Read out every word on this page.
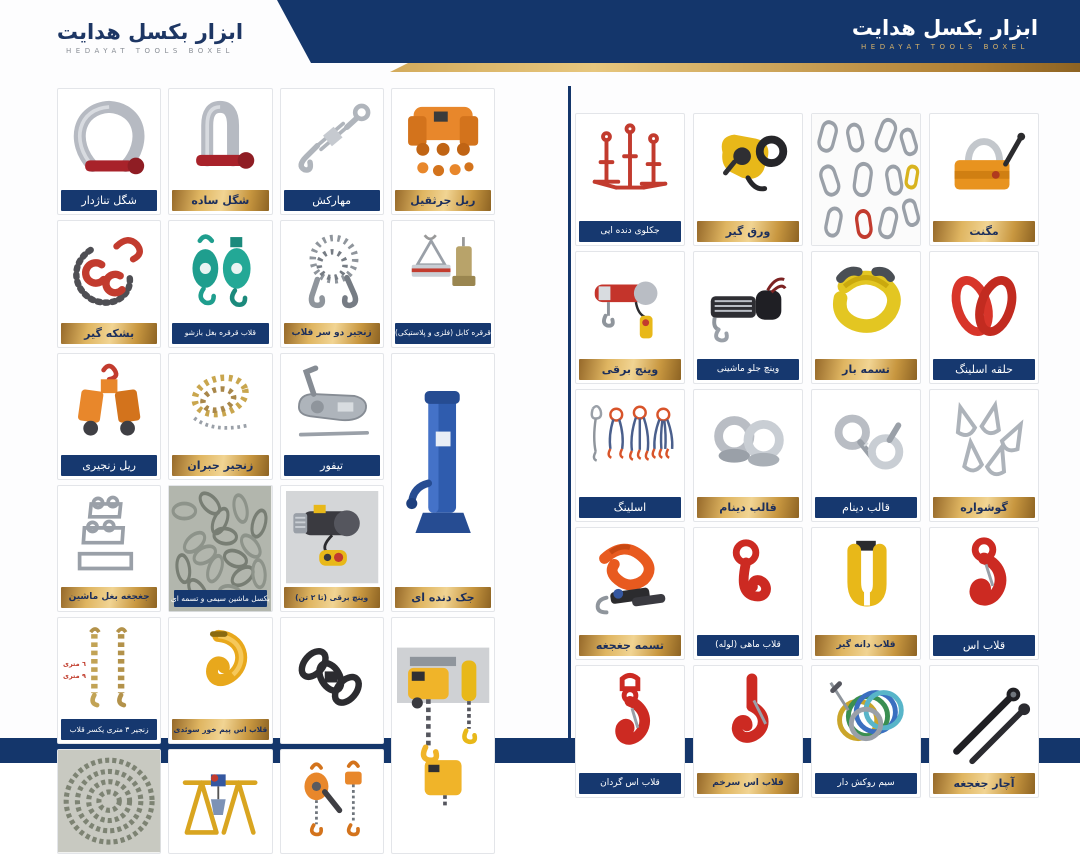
ابزار بکسل هدایت
HEDAYAT TOOLS BOXEL
ابزار بکسل هدایت
HEDAYAT TOOLS BOXEL
شگل تناژدار	شگل ساده	مهارکش	ریل جرثقیل
بشکه گیر	قلاب قرقره بغل بازشو	زنجیر دو سر قلاب	قرقره کابل (فلزی و پلاستیکی)
ریل زنجیری	زنجیر جبران	تیفور
جک دنده ای
جغجغه بغل ماشین	بکسل ماشین سیمی و تسمه ای	وینچ برقی (تا ٢ تن)
٦ متری
٩ متری
زنجیر ٣ متری یکسر قلاب	قلاب اس پیم خور سوئدی
جکلوی دنده ایی	ورق گیر	مگنت
وینچ برقی	وینچ جلو ماشینی	تسمه بار	حلقه اسلینگ
اسلینگ	قالب دینام	قالب دینام	گوشواره
تسمه جغجغه	قلاب ماهی (لوله)	قلاب دانه گیر	قلاب اس
قلاب اس گردان	قلاب اس سرخم	سیم روکش دار	آچار جغجغه
